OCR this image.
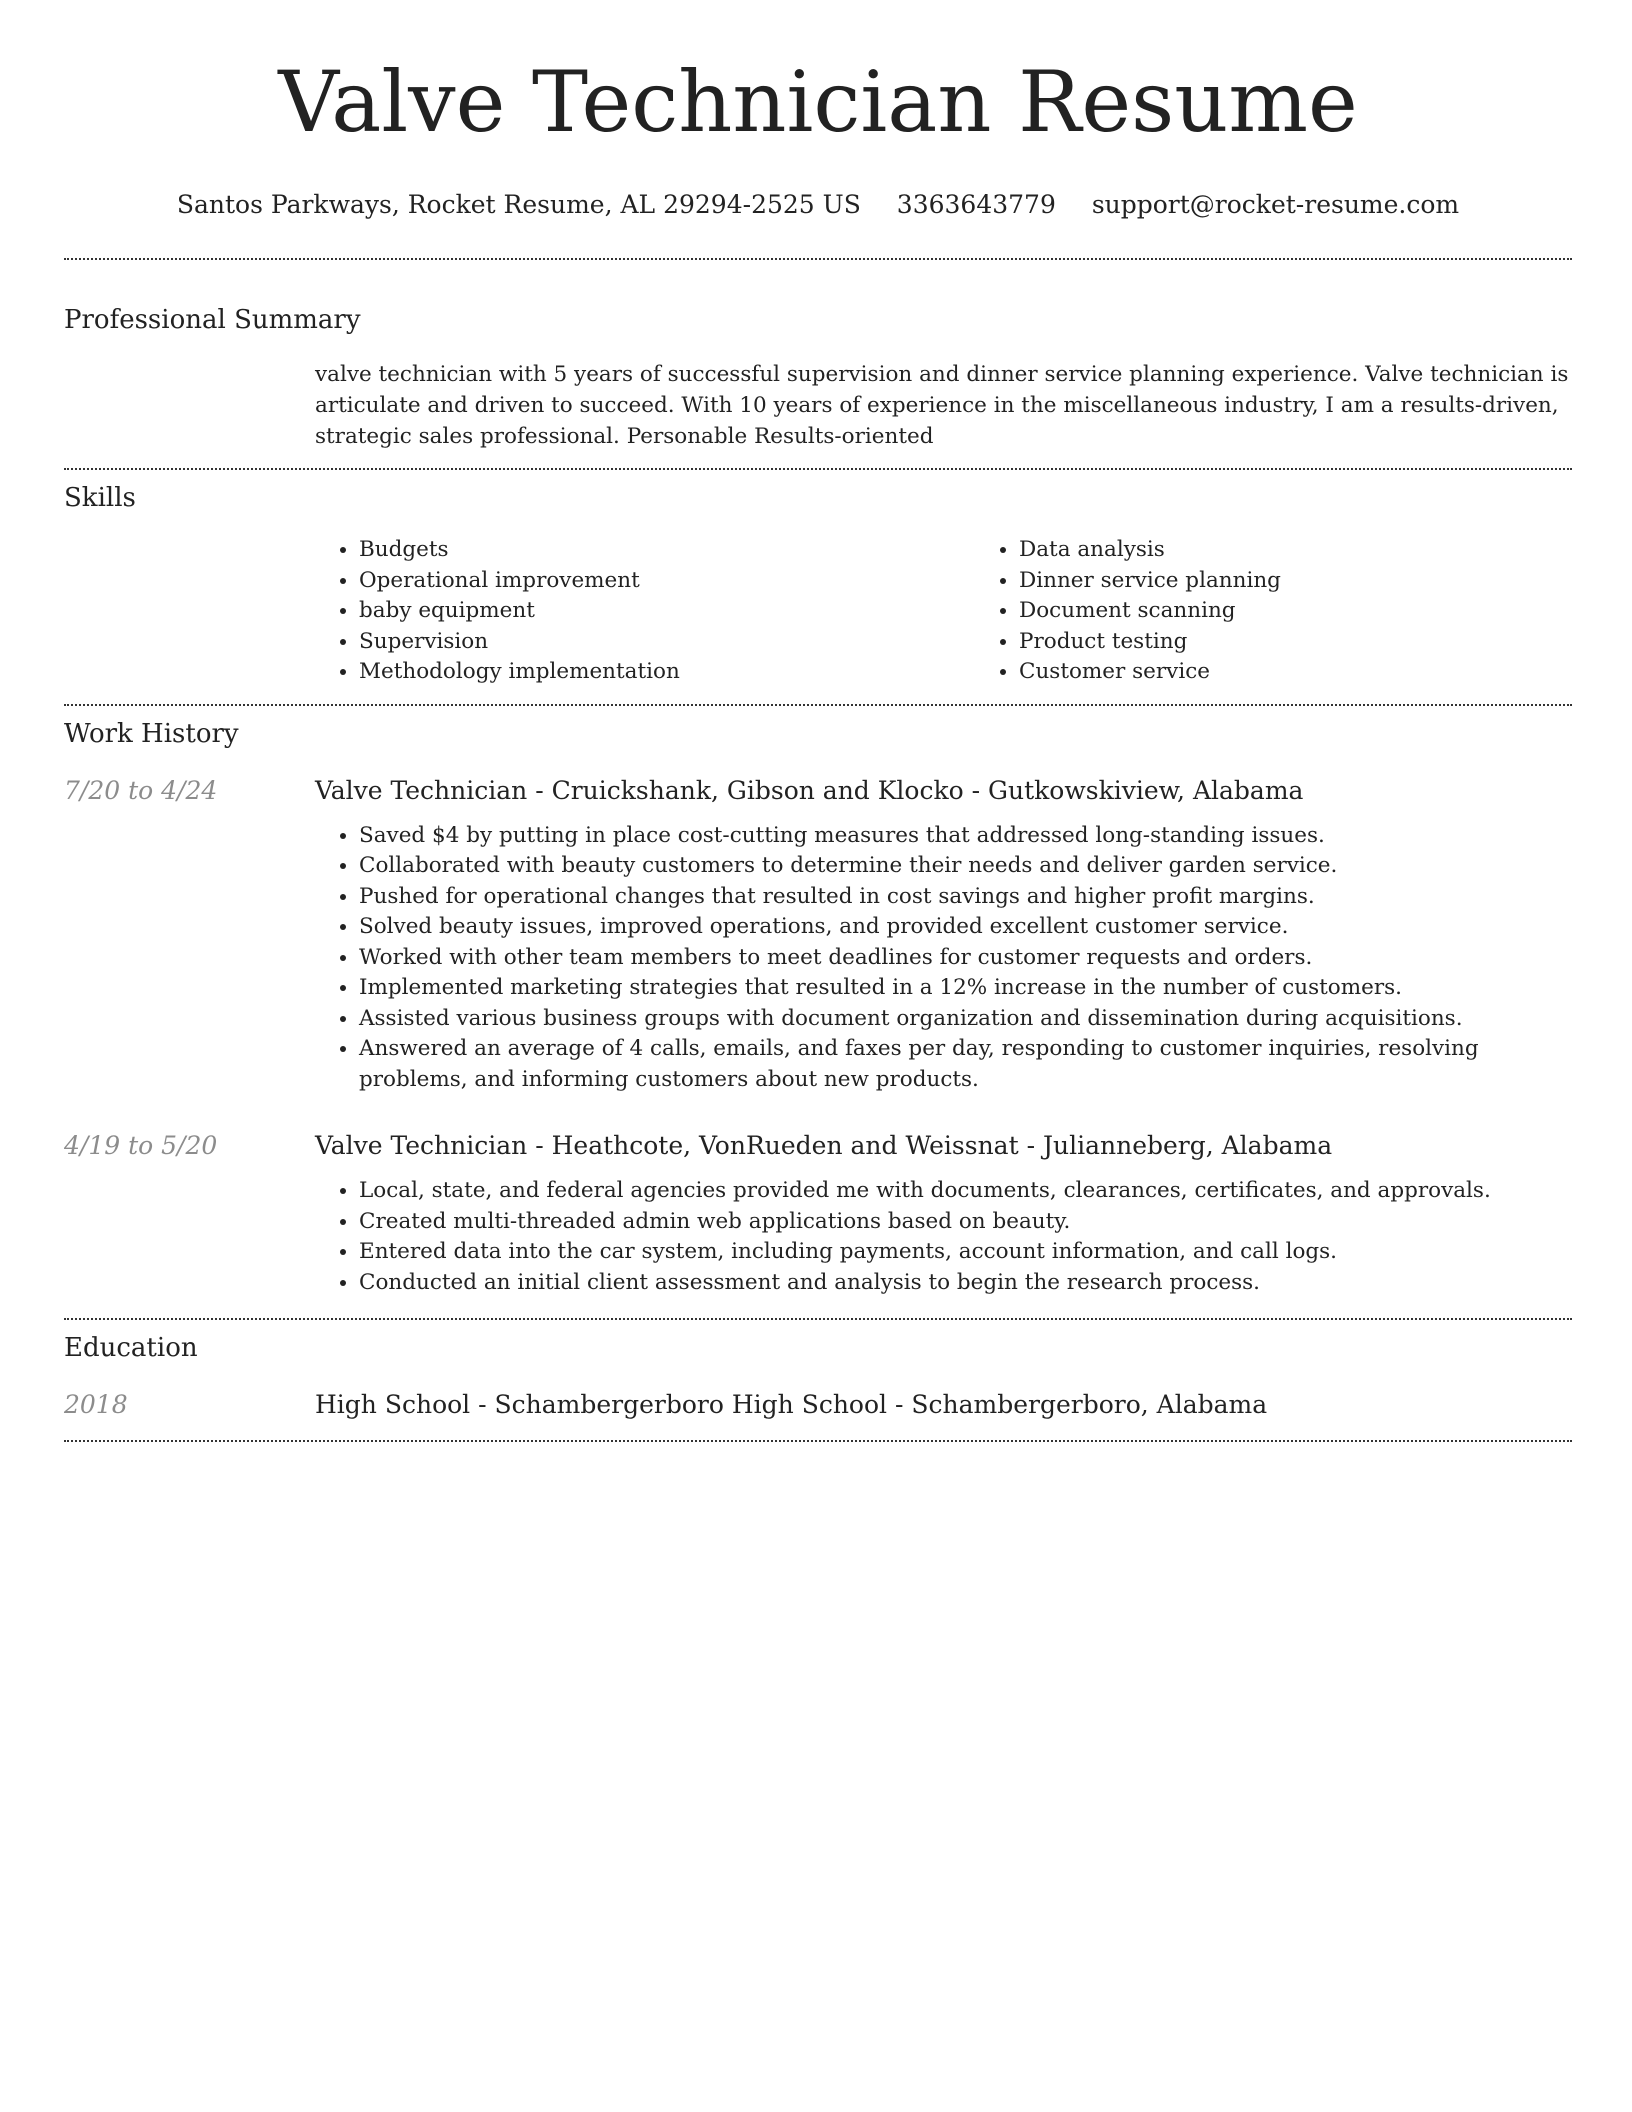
Valve Technician Resume
Santos Parkways, Rocket Resume, AL 29294-2525 US 3363643779 support@rocket-resume.com
Professional Summary

valve technician with 5 years of successful supervision and dinner service planning experience. Valve technician is articulate and driven to succeed. With 10 years of experience in the miscellaneous industry, I am a results-driven, strategic sales professional. Personable Results-oriented

Skills
• Budgets
• Operational improvement
• baby equipment
• Supervision
• Methodology implementation
• Data analysis
• Dinner service planning
• Document scanning
• Product testing
• Customer service
Work History
7/20 to 4/24	Valve Technician - Cruickshank, Gibson and Klocko - Gutkowskiview, Alabama

• Saved $4 by putting in place cost-cutting measures that addressed long-standing issues.
• Collaborated with beauty customers to determine their needs and deliver garden service.
• Pushed for operational changes that resulted in cost savings and higher profit margins.
• Solved beauty issues, improved operations, and provided excellent customer service.
• Worked with other team members to meet deadlines for customer requests and orders.
• Implemented marketing strategies that resulted in a 12% increase in the number of customers.
• Assisted various business groups with document organization and dissemination during acquisitions.
• Answered an average of 4 calls, emails, and faxes per day, responding to customer inquiries, resolving problems, and informing customers about new products.
4/19 to 5/20	Valve Technician - Heathcote, VonRueden and Weissnat - Julianneberg, Alabama

• Local, state, and federal agencies provided me with documents, clearances, certificates, and approvals.
• Created multi-threaded admin web applications based on beauty.
• Entered data into the car system, including payments, account information, and call logs.
• Conducted an initial client assessment and analysis to begin the research process.
Education
2018	High School - Schambergerboro High School - Schambergerboro, Alabama
